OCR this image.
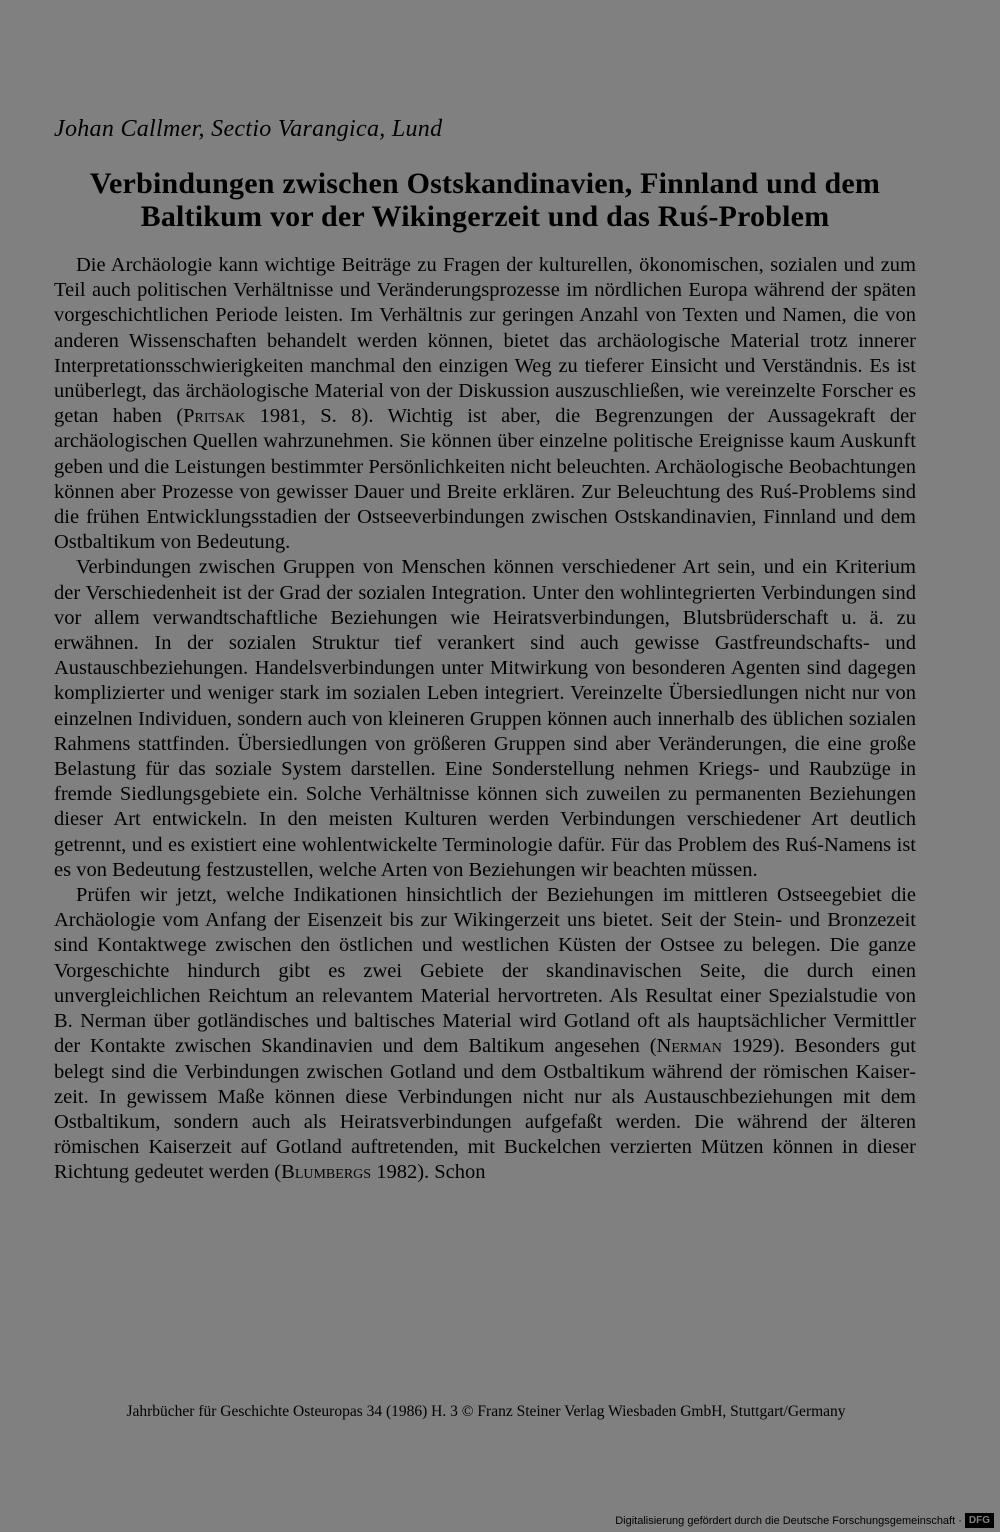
Johan Callmer, Sectio Varangica, Lund
Verbindungen zwischen Ostskandinavien, Finnland und dem Baltikum vor der Wikingerzeit und das Ruś-Problem

Die Archäologie kann wichtige Beiträge zu Fragen der kulturellen, ökonomischen, sozialen und zum Teil auch politischen Verhältnisse und Veränderungsprozesse im nördlichen Europa während der späten vorgeschichtlichen Periode leisten. Im Verhältnis zur geringen Anzahl von Texten und Namen, die von anderen Wissenschaften behandelt werden können, bietet das archäologische Material trotz innerer Interpretationsschwierigkeiten manchmal den einzigen Weg zu tieferer Einsicht und Verständnis. Es ist unüberlegt, das ärchäologische Material von der Diskussion auszuschließen, wie vereinzelte Forscher es getan haben (Pritsak 1981, S. 8). Wichtig ist aber, die Begrenzungen der Aussagekraft der archäologischen Quellen wahrzunehmen. Sie können über einzelne politische Ereignisse kaum Auskunft geben und die Leistungen bestimmter Persönlichkeiten nicht beleuchten. Archäologische Beobachtungen können aber Prozesse von gewisser Dauer und Breite erklären. Zur Beleuchtung des Ruś-Problems sind die frühen Entwicklungsstadien der Ostseeverbindungen zwischen Ostskandinavien, Finnland und dem Ostbaltikum von Bedeutung.

Verbindungen zwischen Gruppen von Menschen können verschiedener Art sein, und ein Kriterium der Verschiedenheit ist der Grad der sozialen Integration. Unter den wohlintegrierten Verbindungen sind vor allem verwandtschaftliche Beziehungen wie Heiratsverbindungen, Blutsbrüderschaft u. ä. zu erwähnen. In der sozialen Struktur tief verankert sind auch gewisse Gastfreundschafts- und Austauschbeziehungen. Handelsverbindungen unter Mitwirkung von besonderen Agenten sind dagegen komplizierter und weniger stark im sozialen Leben integriert. Vereinzelte Übersiedlungen nicht nur von einzelnen Individuen, sondern auch von kleineren Gruppen können auch innerhalb des üblichen sozialen Rahmens stattfinden. Übersiedlungen von größeren Gruppen sind aber Veränderungen, die eine große Belastung für das soziale System darstellen. Eine Sonderstellung nehmen Kriegs- und Raubzüge in fremde Siedlungsgebiete ein. Solche Verhältnisse können sich zuweilen zu permanenten Beziehungen dieser Art entwickeln. In den meisten Kulturen werden Verbindungen verschiedener Art deutlich getrennt, und es existiert eine wohlentwickelte Terminologie dafür. Für das Problem des Ruś-Namens ist es von Bedeutung festzustellen, welche Arten von Beziehungen wir beachten müssen.

Prüfen wir jetzt, welche Indikationen hinsichtlich der Beziehungen im mittleren Ostseegebiet die Archäologie vom Anfang der Eisenzeit bis zur Wikingerzeit uns bietet. Seit der Stein- und Bronzezeit sind Kontaktwege zwischen den östlichen und westlichen Küsten der Ostsee zu belegen. Die ganze Vorgeschichte hindurch gibt es zwei Gebiete der skandinavischen Seite, die durch einen unvergleichlichen Reichtum an relevantem Material hervortreten. Als Resultat einer Spezialstudie von B. Nerman über gotländisches und baltisches Material wird Gotland oft als hauptsächlicher Vermittler der Kontakte zwischen Skandinavien und dem Baltikum angesehen (Nerman 1929). Besonders gut belegt sind die Verbindungen zwischen Gotland und dem Ostbaltikum während der römischen Kaiserzeit. In gewissem Maße können diese Verbindungen nicht nur als Austauschbeziehungen mit dem Ostbaltikum, sondern auch als Heiratsverbindungen aufgefaßt werden. Die während der älteren römischen Kaiserzeit auf Gotland auftretenden, mit Buckelchen verzierten Mützen können in dieser Richtung gedeutet werden (Blumbergs 1982). Schon

Jahrbücher für Geschichte Osteuropas 34 (1986) H. 3 © Franz Steiner Verlag Wiesbaden GmbH, Stuttgart/Germany
Digitalisierung gefördert durch die Deutsche Forschungsgemeinschaft · DFG
